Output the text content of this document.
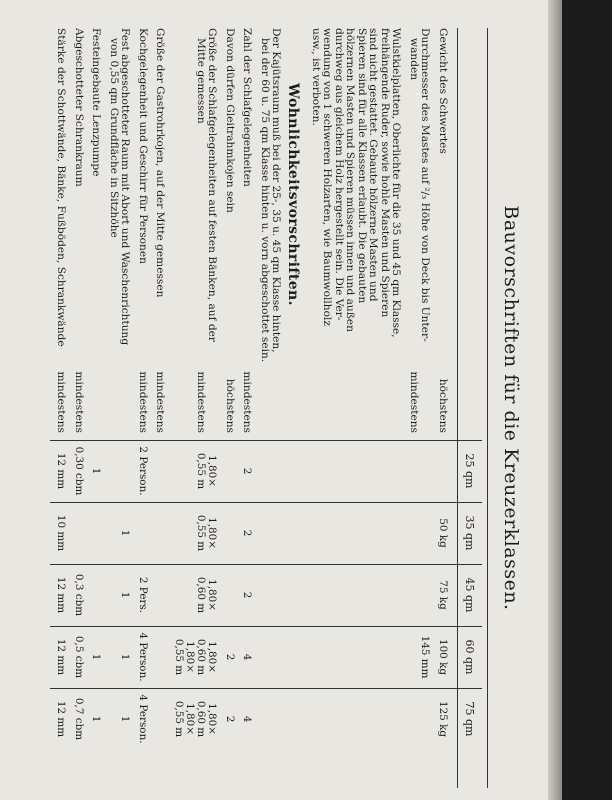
Bauvorschriften für die Kreuzerklassen.
25 qm
35 qm
45 qm
60 qm
75 qm
Gewicht des Schwertes
höchstens
50 kg
75 kg
100 kg
125 kg
Durchmesser des Mastes auf ²/₃ Höhe von Deck bis Unter-
wanden
mindestens
145 mm
Wulstkielplatten, Oberlichte für die 35 und 45 qm Klasse,
freihängende Ruder, sowie hohle Masten und Spieren
sind nicht gestattet. Gebaute hölzerne Masten und
Spieren sind für alle Klassen erlaubt. Die gebauten
hölzernen Masten und Spieren müssen innen und außen
durchweg aus gleichem Holz hergestellt sein. Die Ver-
wendung von 1 schweren Holzarten, wie Baumwollholz
usw., ist verboten.
Wohnlichkeitsvorschriften.
Der Kajütsraum muß bei der 25-, 35 u. 45 qm Klasse hinten,
bei der 60 u. 75 qm Klasse hinten u. vorn abgeschottet sein.
Zahl der Schlafgelegenheiten
mindestens
2
2
2
4
4
Davon dürfen Gleitrahmkojen sein
höchstens
2
2
Größe der Schlafgelegenheiten auf festen Bänken, auf der
Mitte gemessen
mindestens
1,80×
0,55 m
1,80×
0,55 m
1,80×
0,60 m
1,80×
0,60 m
1,80×
0,55 m
1,80×
0,60 m
1,80×
0,55 m
Größe der Gastrohrkojen, auf der Mitte gemessen
mindestens
Kochgelegenheit und Geschirr für Personen
mindestens
2 Person.
2 Pers.
4 Person.
4 Person.
Fest abgeschotteter Raum mit Abort und Waschenrichtung
von 0,55 qm Grundfläche in Sitzhöhe
1
1
1
1
Festeingebaute Lenzpumpe
1
1
1
Abgeschotteter Schrankraum
mindestens
0,30 cbm
0,3 cbm
0,5 cbm
0,7 cbm
Stärke der Schottwände, Bänke, Fußböden, Schrankwände
mindestens
12 mm
10 mm
12 mm
12 mm
12 mm
